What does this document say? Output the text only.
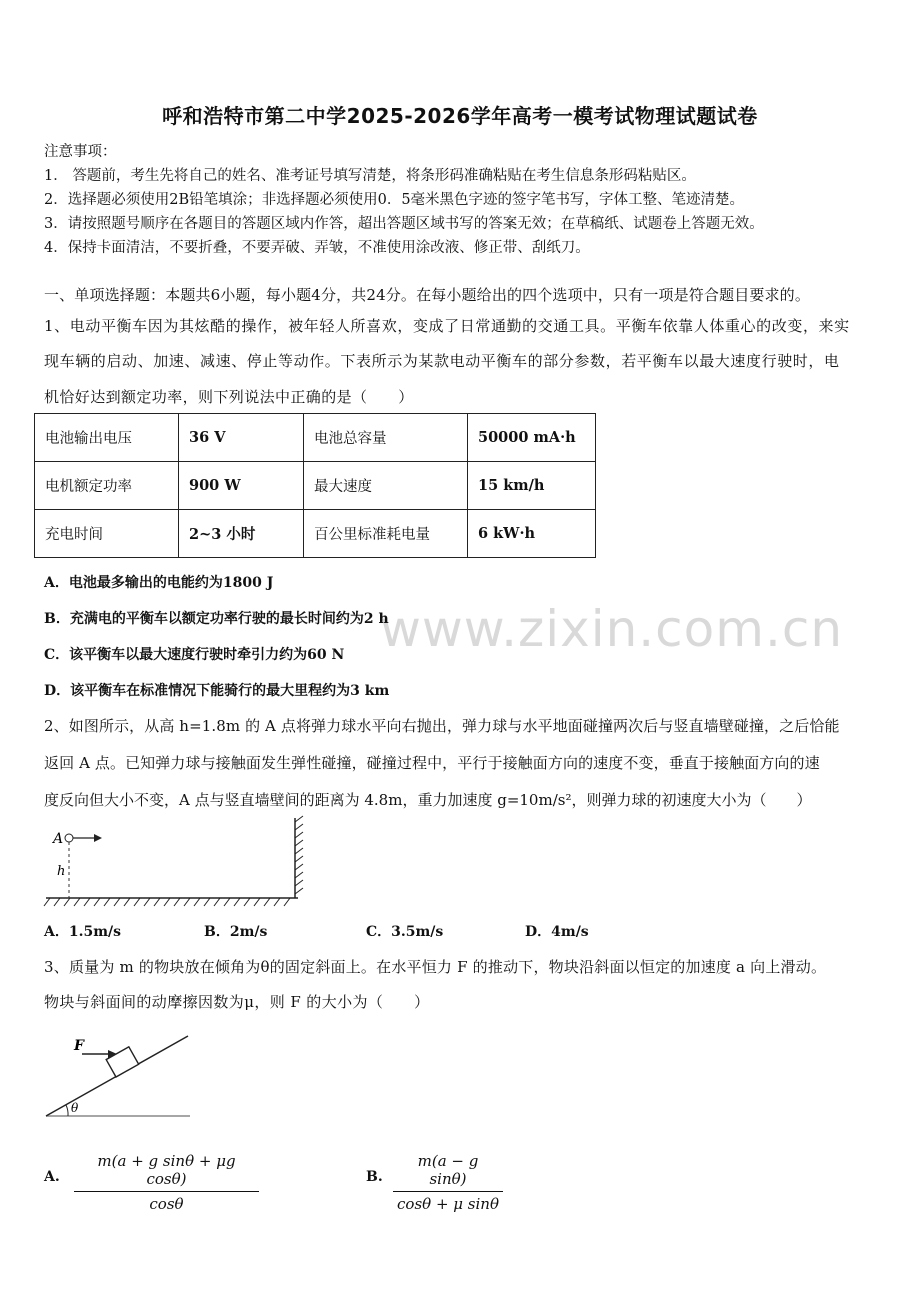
呼和浩特市第二中学2025-2026学年高考一模考试物理试题试卷
注意事项：
1． 答题前，考生先将自己的姓名、准考证号填写清楚，将条形码准确粘贴在考生信息条形码粘贴区。
2．选择题必须使用2B铅笔填涂；非选择题必须使用0．5毫米黑色字迹的签字笔书写，字体工整、笔迹清楚。
3．请按照题号顺序在各题目的答题区域内作答，超出答题区域书写的答案无效；在草稿纸、试题卷上答题无效。
4．保持卡面清洁，不要折叠，不要弄破、弄皱，不准使用涂改液、修正带、刮纸刀。
一、单项选择题：本题共6小题，每小题4分，共24分。在每小题给出的四个选项中，只有一项是符合题目要求的。
1、电动平衡车因为其炫酷的操作，被年轻人所喜欢，变成了日常通勤的交通工具。平衡车依靠人体重心的改变，来实
现车辆的启动、加速、减速、停止等动作。下表所示为某款电动平衡车的部分参数，若平衡车以最大速度行驶时，电
机恰好达到额定功率，则下列说法中正确的是（　　）
电池输出电压	36 V	电池总容量	50000 mA·h
电机额定功率	900 W	最大速度	15 km/h
充电时间	2~3 小时	百公里标准耗电量	6 kW·h
www.zixin.com.cn
A．电池最多输出的电能约为1800 J
B．充满电的平衡车以额定功率行驶的最长时间约为2 h
C．该平衡车以最大速度行驶时牵引力约为60 N
D．该平衡车在标准情况下能骑行的最大里程约为3 km
2、如图所示，从高 h=1.8m 的 A 点将弹力球水平向右抛出，弹力球与水平地面碰撞两次后与竖直墙壁碰撞，之后恰能
返回 A 点。已知弹力球与接触面发生弹性碰撞，碰撞过程中，平行于接触面方向的速度不变，垂直于接触面方向的速
度反向但大小不变，A 点与竖直墙壁间的距离为 4.8m，重力加速度 g=10m/s²，则弹力球的初速度大小为（　　）
A
h
A．1.5m/s	B．2m/s	C．3.5m/s	D．4m/s
3、质量为 m 的物块放在倾角为θ的固定斜面上。在水平恒力 F 的推动下，物块沿斜面以恒定的加速度 a 向上滑动。
物块与斜面间的动摩擦因数为μ，则 F 的大小为（　　）
F
θ
A.
m(a + g sinθ + μg cosθ)
cosθ
B.
m(a − g sinθ)
cosθ + μ sinθ
